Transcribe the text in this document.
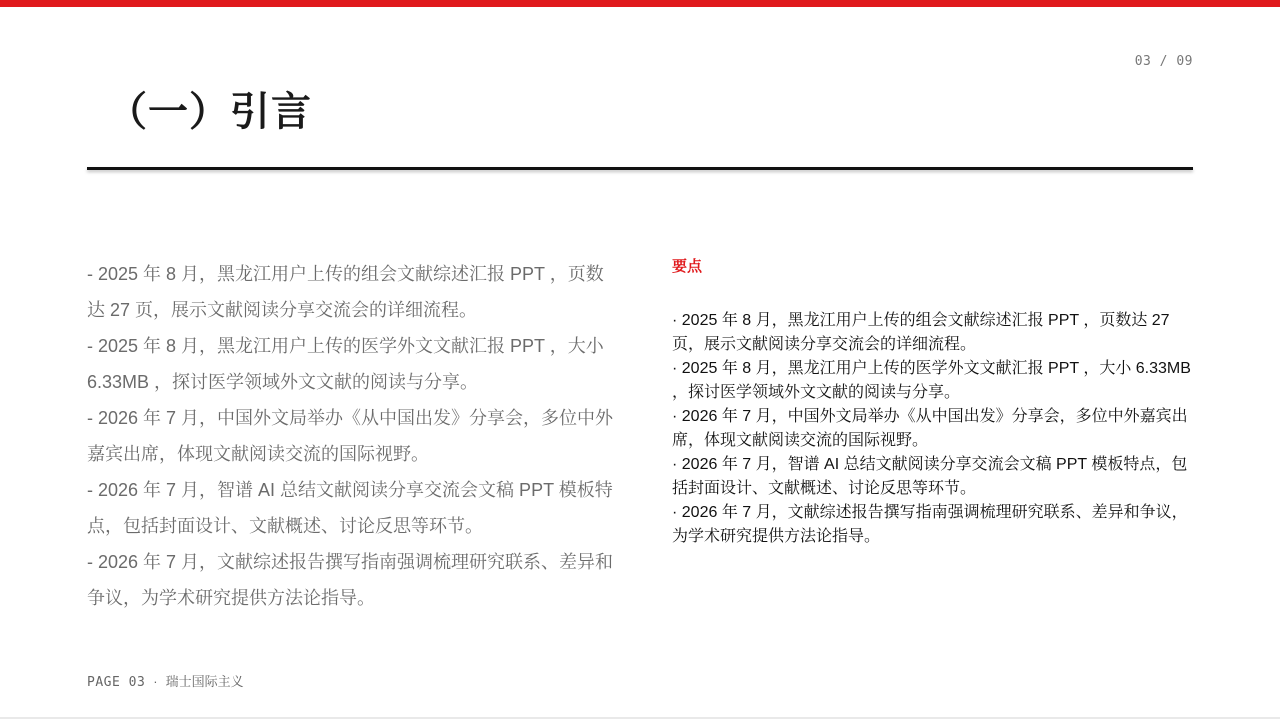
03 / 09
（一）引言

- 2025 年 8 月，黑龙江用户上传的组会文献综述汇报 PPT ，页数达 27 页，展示文献阅读分享交流会的详细流程。

- 2025 年 8 月，黑龙江用户上传的医学外文文献汇报 PPT ，大小 6.33MB ，探讨医学领域外文文献的阅读与分享。

- 2026 年 7 月，中国外文局举办《从中国出发》分享会，多位中外嘉宾出席，体现文献阅读交流的国际视野。

- 2026 年 7 月，智谱 AI 总结文献阅读分享交流会文稿 PPT 模板特点，包括封面设计、文献概述、讨论反思等环节。

- 2026 年 7 月，文献综述报告撰写指南强调梳理研究联系、差异和争议，为学术研究提供方法论指导。

要点

· 2025 年 8 月，黑龙江用户上传的组会文献综述汇报 PPT ，页数达 27 页，展示文献阅读分享交流会的详细流程。

· 2025 年 8 月，黑龙江用户上传的医学外文文献汇报 PPT ，大小 6.33MB ，探讨医学领域外文文献的阅读与分享。

· 2026 年 7 月，中国外文局举办《从中国出发》分享会，多位中外嘉宾出席，体现文献阅读交流的国际视野。

· 2026 年 7 月，智谱 AI 总结文献阅读分享交流会文稿 PPT 模板特点，包括封面设计、文献概述、讨论反思等环节。

· 2026 年 7 月，文献综述报告撰写指南强调梳理研究联系、差异和争议，为学术研究提供方法论指导。

PAGE 03 · 瑞士国际主义
